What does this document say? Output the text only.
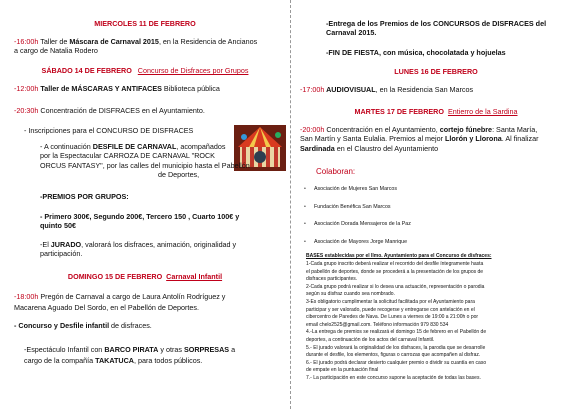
MIERCOLES 11 DE FEBRERO
-16:00h Taller de Máscara de Carnaval 2015, en la Residencia de Ancianos
a cargo de Natalia Rodero
SÁBADO 14 DE FEBRERO Concurso de Disfraces por Grupos
-12:00h Taller de MÁSCARAS Y ANTIFACES Biblioteca pública
-20:30h Concentración de DISFRACES en el Ayuntamiento.
- Inscripciones para el CONCURSO DE DISFRACES
- A continuación DESFILE DE CARNAVAL, acompañados
por la Espectacular CARROZA DE CARNAVAL "ROCK
ORCUS FANTASY", por las calles del municipio hasta el Pabellón
de Deportes,
-PREMIOS POR GRUPOS:
- Primero 300€, Segundo 200€, Tercero 150 , Cuarto 100€ y
quinto 50€
-El JURADO, valorará los disfraces, animación, originalidad y
participación.
DOMINGO 15 DE FEBRERO Carnaval Infantil
-18:00h Pregón de Carnaval a cargo de Laura Antolín Rodríguez y
Macarena Aguado Del Sordo, en el Pabellón de Deportes.
- Concurso y Desfile infantil de disfraces.
-Espectáculo Infantil con BARCO PIRATA y otras SORPRESAS a
cargo de la compañía TAKATUCA, para todos públicos.
-Entrega de los Premios de los CONCURSOS de DISFRACES del
Carnaval 2015.
-FIN DE FIESTA, con música, chocolatada y hojuelas
LUNES 16 DE FEBRERO
-17:00h AUDIOVISUAL, en la Residencia San Marcos
MARTES 17 DE FEBRERO Entierro de la Sardina
-20:00h Concentración en el Ayuntamiento, cortejo fúnebre: Santa María,
San Martín y Santa Eulalia. Premios al mejor Llorón y Llorona. Al finalizar
Sardinada en el Claustro del Ayuntamiento
Colaboran:
• Asociación de Mujeres San Marcos
• Fundación Benéfica San Marcos
• Asociación Dorada Mensajeros de la Paz
• Asociación de Mayores Jorge Manrique
BASES establecidas por el Ilmo. Ayuntamiento para el Concurso de disfraces:
1-Cada grupo inscrito deberá realizar el recorrido del desfile íntegramente hasta
el pabellón de deportes, donde se procederá a la presentación de los grupos de
disfraces participantes.
2-Cada grupo podrá realizar si lo desea una actuación, representación o parodia
según su disfraz cuando sea nombrado.
3-Es obligatorio cumplimentar la solicitud facilitada por el Ayuntamiento para
participar y ser valorado, puede recogerse y entregarse con antelación en el
cibercentro de Paredes de Nava. De Lunes a viernes de 19:00 a 21:00h o por
email chelo2525@gmail.com. Teléfono información 979 830 534
4.-La entrega de premios se realizará el domingo 15 de febrero en el Pabellón de
deportes, a continuación de los actos del carnaval Infantil.
5.- El jurado valorará la originalidad de los disfraces, la parodia que se desarrolle
durante el desfile, los elementos, figuras o carrozas que acompañen al disfraz.
6.- El jurado podrá declarar desierto cualquier premio o dividir su cuantía en caso
de empate en la puntuación final
7.- La participación en este concurso supone la aceptación de todas las bases.
